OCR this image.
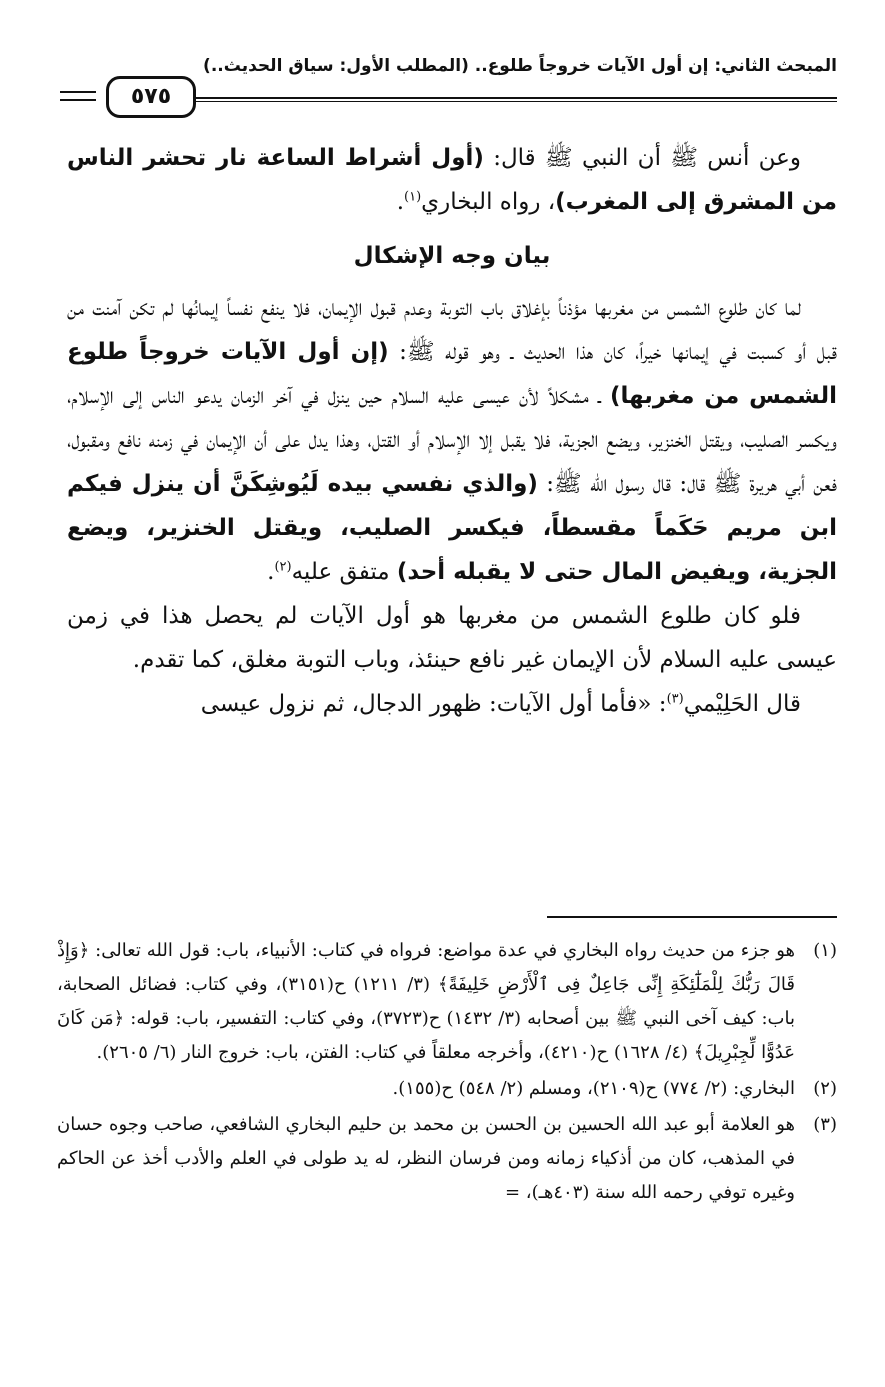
المبحث الثاني: إن أول الآيات خروجاً طلوع.. (المطلب الأول: سياق الحديث..)
٥٧٥

وعن أنس ﷺ أن النبي ﷺ قال: (أول أشراط الساعة نار تحشر الناس من المشرق إلى المغرب)، رواه البخاري$^{(١)}$.

بيان وجه الإشكال

لما كان طلوع الشمس من مغربها مؤذناً بإغلاق باب التوبة وعدم قبول الإيمان، فلا ينفع نفساً إيمانُها لم تكن آمنت من قبل أو كسبت في إيمانها خيراً، كان هذا الحديث ـ وهو قوله ﷺ: (إن أول الآيات خروجاً طلوع الشمس من مغربها) ـ مشكلاً لأن عيسى عليه السلام حين ينزل في آخر الزمان يدعو الناس إلى الإسلام، ويكسر الصليب، ويقتل الخنزير، ويضع الجزية، فلا يقبل إلا الإسلام أو القتل، وهذا يدل على أن الإيمان في زمنه نافع ومقبول، فعن أبي هريرة ﷺ قال: قال رسول الله ﷺ: (والذي نفسي بيده لَيُوشِكَنَّ أن ينزل فيكم ابن مريم حَكَماً مقسطاً، فيكسر الصليب، ويقتل الخنزير، ويضع الجزية، ويفيض المال حتى لا يقبله أحد) متفق عليه$^{(٢)}$.

فلو كان طلوع الشمس من مغربها هو أول الآيات لم يحصل هذا في زمن عيسى عليه السلام لأن الإيمان غير نافع حينئذ، وباب التوبة مغلق، كما تقدم.

قال الحَلِيْمي$^{(٣)}$: «فأما أول الآيات: ظهور الدجال، ثم نزول عيسى

(١)
هو جزء من حديث رواه البخاري في عدة مواضع: فرواه في كتاب: الأنبياء، باب: قول الله تعالى: ﴿وَإِذْ قَالَ رَبُّكَ لِلْمَلَٰٓئِكَةِ إِنِّى جَاعِلٌ فِى ٱلْأَرْضِ خَلِيفَةً﴾ (٣/ ١٢١١) ح(٣١٥١)، وفي كتاب: فضائل الصحابة، باب: كيف آخى النبي ﷺ بين أصحابه (٣/ ١٤٣٢) ح(٣٧٢٣)، وفي كتاب: التفسير، باب: قوله: ﴿مَن كَانَ عَدُوًّا لِّجِبْرِيلَ﴾ (٤/ ١٦٢٨) ح(٤٢١٠)، وأخرجه معلقاً في كتاب: الفتن، باب: خروج النار (٦/ ٢٦٠٥).
(٢)
البخاري: (٢/ ٧٧٤) ح(٢١٠٩)، ومسلم (٢/ ٥٤٨) ح(١٥٥).
(٣)
هو العلامة أبو عبد الله الحسين بن الحسن بن محمد بن حليم البخاري الشافعي، صاحب وجوه حسان في المذهب، كان من أذكياء زمانه ومن فرسان النظر، له يد طولى في العلم والأدب أخذ عن الحاكم وغيره توفي رحمه الله سنة (٤٠٣هـ)، =
